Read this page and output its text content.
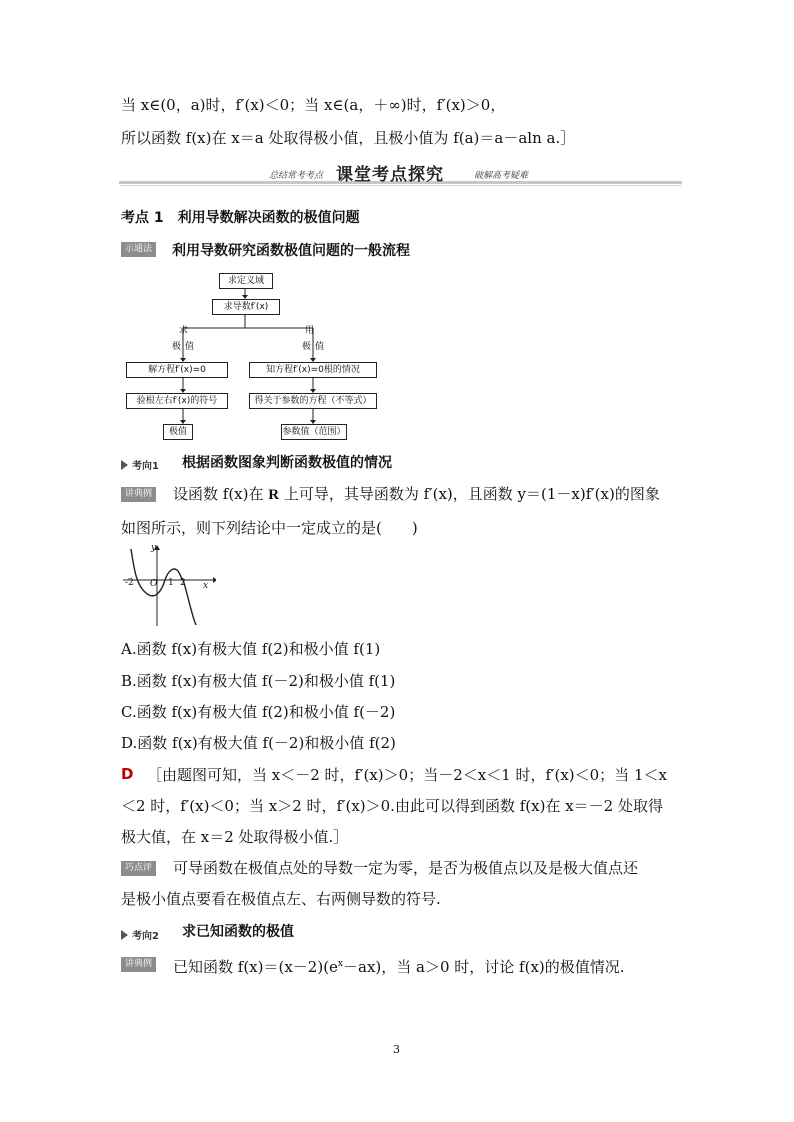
当 x∈(0，a)时，f′(x)＜0；当 x∈(a，＋∞)时，f′(x)＞0，
所以函数 f(x)在 x＝a 处取得极小值，且极小值为 f(a)＝a－aln a.］
总结常考考点 课堂考点探究	破解高考疑难
考点 1　利用导数解决函数的极值问题
示通法 利用导数研究函数极值问题的一般流程
求定义域
求导数f′(x)
求
极 值
用
极 值
解方程f′(x)=0
验根左右f′(x)的符号
极值
知方程f′(x)=0根的情况
得关于参数的方程（不等式）
参数值（范围）
考向1 根据函数图象判断函数极值的情况
讲典例 设函数 f(x)在 R 上可导，其导函数为 f′(x)，且函数 y＝(1－x)f′(x)的图象
如图所示，则下列结论中一定成立的是(　　)
y
x
-2 O 1 2
A.函数 f(x)有极大值 f(2)和极小值 f(1)
B.函数 f(x)有极大值 f(－2)和极小值 f(1)
C.函数 f(x)有极大值 f(2)和极小值 f(－2)
D.函数 f(x)有极大值 f(－2)和极小值 f(2)
D ［由题图可知，当 x＜－2 时，f′(x)＞0；当－2＜x＜1 时，f′(x)＜0；当 1＜x
＜2 时，f′(x)＜0；当 x＞2 时，f′(x)＞0.由此可以得到函数 f(x)在 x＝－2 处取得
极大值，在 x＝2 处取得极小值.］
巧点评 可导函数在极值点处的导数一定为零，是否为极值点以及是极大值点还
是极小值点要看在极值点左、右两侧导数的符号.
考向2 求已知函数的极值
讲典例 已知函数 $f(x)=(x-2)(e^x-ax)$，当 a＞0 时，讨论 f(x)的极值情况.
3
